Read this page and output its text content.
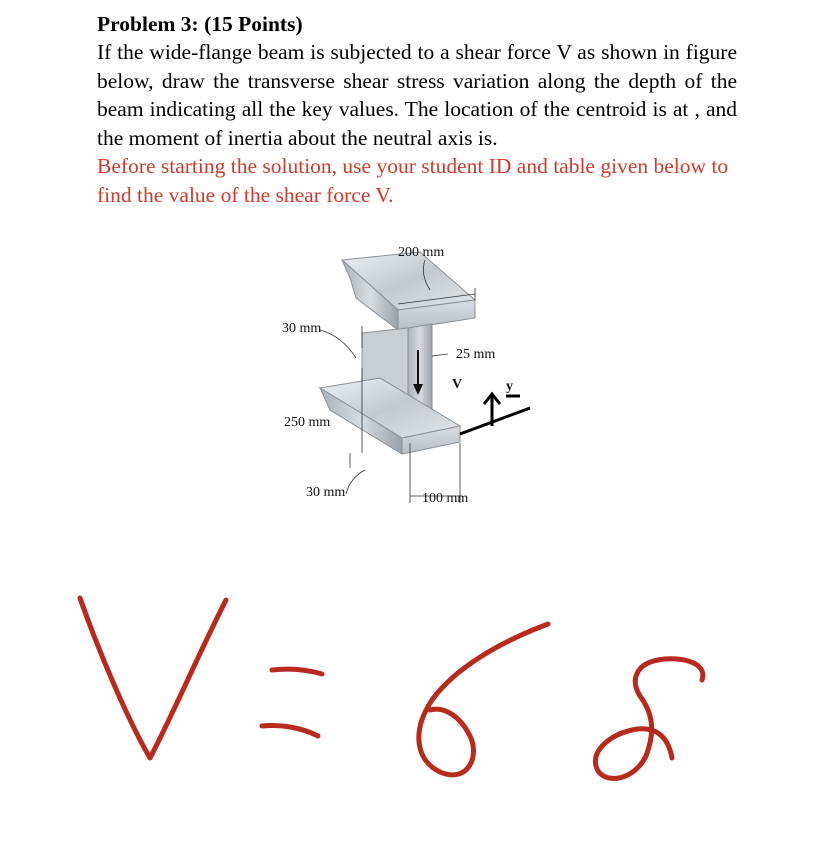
Problem 3: (15 Points)

If the wide-flange beam is subjected to a shear force V as shown in figure below, draw the transverse shear stress variation along the depth of the beam indicating all the key values. The location of the centroid is at , and the moment of inertia about the neutral axis is.

Before starting the solution, use your student ID and table given below to find the value of the shear force V.

200 mm
30 mm
25 mm
V	y
250 mm
30 mm	100 mm
